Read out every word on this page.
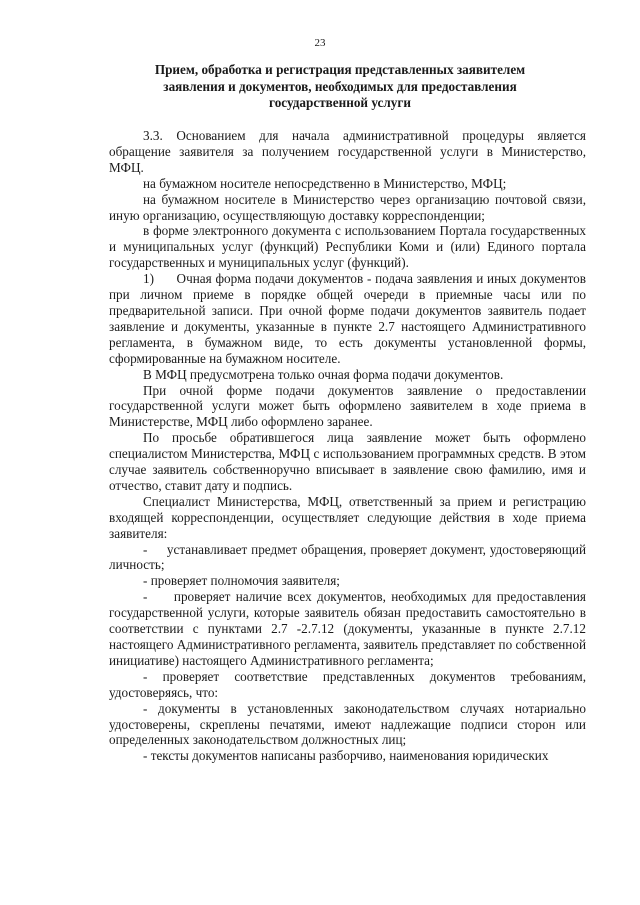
23
Прием, обработка и регистрация представленных заявителем
заявления и документов, необходимых для предоставления
государственной услуги

3.3. Основанием для начала административной процедуры является обращение заявителя за получением государственной услуги в Министерство, МФЦ.

на бумажном носителе непосредственно в Министерство, МФЦ;

на бумажном носителе в Министерство через организацию почтовой связи, иную организацию, осуществляющую доставку корреспонденции;

в форме электронного документа с использованием Портала государственных и муниципальных услуг (функций) Республики Коми и (или) Единого портала государственных и муниципальных услуг (функций).

1)      Очная форма подачи документов - подача заявления и иных документов при личном приеме в порядке общей очереди в приемные часы или по предварительной записи. При очной форме подачи документов заявитель подает заявление и документы, указанные в пункте 2.7 настоящего Административного регламента, в бумажном виде, то есть документы установленной формы, сформированные на бумажном носителе.

В МФЦ предусмотрена только очная форма подачи документов.

При очной форме подачи документов заявление о предоставлении государственной услуги может быть оформлено заявителем в ходе приема в Министерстве, МФЦ либо оформлено заранее.

По просьбе обратившегося лица заявление может быть оформлено специалистом Министерства, МФЦ с использованием программных средств. В этом случае заявитель собственноручно вписывает в заявление свою фамилию, имя и отчество, ставит дату и подпись.

Специалист Министерства, МФЦ, ответственный за прием и регистрацию входящей корреспонденции, осуществляет следующие действия в ходе приема заявителя:

-     устанавливает предмет обращения, проверяет документ, удостоверяющий личность;

- проверяет полномочия заявителя;

-     проверяет наличие всех документов, необходимых для предоставления государственной услуги, которые заявитель обязан предоставить самостоятельно в соответствии с пунктами 2.7 -2.7.12 (документы, указанные в пункте 2.7.12 настоящего Административного регламента, заявитель представляет по собственной инициативе) настоящего Административного регламента;

- проверяет соответствие представленных документов требованиям, удостоверяясь, что:

- документы в установленных законодательством случаях нотариально удостоверены, скреплены печатями, имеют надлежащие подписи сторон или определенных законодательством должностных лиц;

- тексты документов написаны разборчиво, наименования юридических
